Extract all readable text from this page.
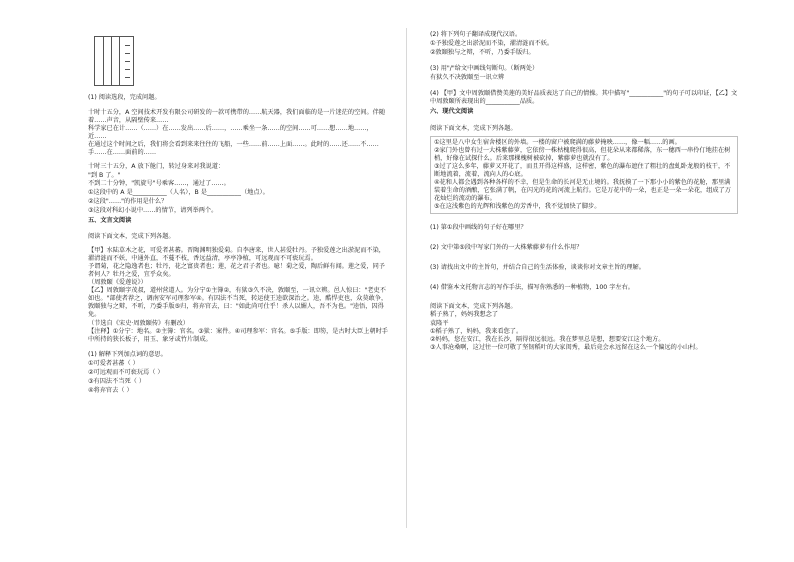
(1) 阅读选段，完成问题。

十时十五分，A 空间技术开发有限公司研发的一款可携带的……航天器，我们面临的是一片迷茫的空间。伴随着……声音，从隔壁传来……

科学家已在计……（……）在……发出……后……，……乘坐一条……的空间……可……想……地……，近……

在通过这个时间之后，我们将会看到来来往往的飞船，一些……前……上面……。此时的……还……不……手……在……面前的……

十时三十五分，A 放下舱门，转过身来对我说道：

"到 B 了。"

不到二十分钟，"凯旋号"号乘客……，通过了……。

①这段中的 A 是___________（人名），B 是___________（地点）。

②这段"……"的作用是什么？

③这段对科幻小说中……的情节，请列举两个。

五、文言文阅读

阅读下面文本，完成下列各题。

【甲】水陆草木之花，可爱者甚蕃。晋陶渊明独爱菊。自李唐来，世人甚爱牡丹。予独爱莲之出淤泥而不染，濯清涟而不妖，中通外直，不蔓不枝，香远益清，亭亭净植，可远观而不可亵玩焉。

予谓菊，花之隐逸者也；牡丹，花之富贵者也；莲，花之君子者也。噫！菊之爱，陶后鲜有闻。莲之爱，同予者何人？牡丹之爱，宜乎众矣。

（周敦颐《爱莲说》）

【乙】周敦颐字茂叔，道州营道人。为分宁①主簿②，有狱③久不决，敦颐至，一讯立辨。邑人惊曰："老吏不如也。"部使者荐之，调南安军司理参军④。有囚法不当死，转运使王逵欲深治之。逵，酷悍吏也，众莫敢争，敦颐独与之辩，不听，乃委手版⑤归，将弃官去，曰："如此尚可仕乎！杀人以媚人，吾不为也。"逵悟，囚得免。

（节选自《宋史·周敦颐传》有删改）

【注释】①分宁：地名。②主簿：官名。③狱：案件。④司理参军：官名。⑤手版：即笏，是古时大臣上朝时手中所持的狭长板子，用玉、象牙或竹片制成。

(1) 解释下列加点词的意思。

①可爱者甚蕃（ ）

②可远观而不可亵玩焉（ ）

③有囚法不当死（ ）

④将弃官去（ ）

(2) 将下列句子翻译成现代汉语。

①予独爱莲之出淤泥而不染，濯清涟而不妖。

②敦颐独与之辩，不听，乃委手版归。

(3) 用"/"给文中画线句断句。（断两处）

有狱久不决敦颐至一讯立辨

(4) 【甲】文中周敦颐借赞美莲的美好品质表达了自己的情操。其中描写"___________"的句子可以印证，【乙】文中周敦颐所表现出的___________品质。

六、现代文阅读

阅读下面文本，完成下列各题。

①这里是八中女生宿舍楼区的外墙。一楼的窗户被爬满的藤萝掩映……，像一幅……的画。

②家门外也曾有过一大株紫藤萝，它依傍一株枯槐爬得很高，但花朵从来都稀落，东一穗西一串伶仃地挂在树梢，好像在试探什么。后来那棵槐树被砍掉，紫藤萝也就没有了。

③过了这么多年，藤萝又开花了，而且开得这样盛，这样密，紫色的瀑布遮住了粗壮的盘虬卧龙般的枝干，不断地流着，流着，流向人的心底。

④花和人都会遇到各种各样的不幸，但是生命的长河是无止境的。我抚摸了一下那小小的紫色的花舱，那里满装着生命的酒酿，它张满了帆，在闪光的花的河流上航行。它是万花中的一朵，也正是一朵一朵花，组成了万花灿烂的流动的瀑布。

⑤在这浅紫色的光辉和浅紫色的芳香中，我不觉加快了脚步。

(1) 第①段中画线的句子好在哪里？

(2) 文中第⑤段中写家门外的一大株紫藤萝有什么作用？

(3) 请找出文中的主旨句，并结合自己的生活体验，谈谈你对文章主旨的理解。

(4) 借鉴本文托物言志的写作手法，描写你熟悉的一种植物，100 字左右。

阅读下面文本，完成下列各题。

稻子熟了，妈妈我想念了

袁隆平

①稻子熟了，妈妈，我来看您了。

②妈妈，您在安江，我在长沙，隔得很远很远。我在梦里总是想，想要安江这个地方。

③人事沧桑啊，这过往一位可敬了坚韧稻叶的大家闺秀，最后竟会永远留在这么一个偏远的小山村。
